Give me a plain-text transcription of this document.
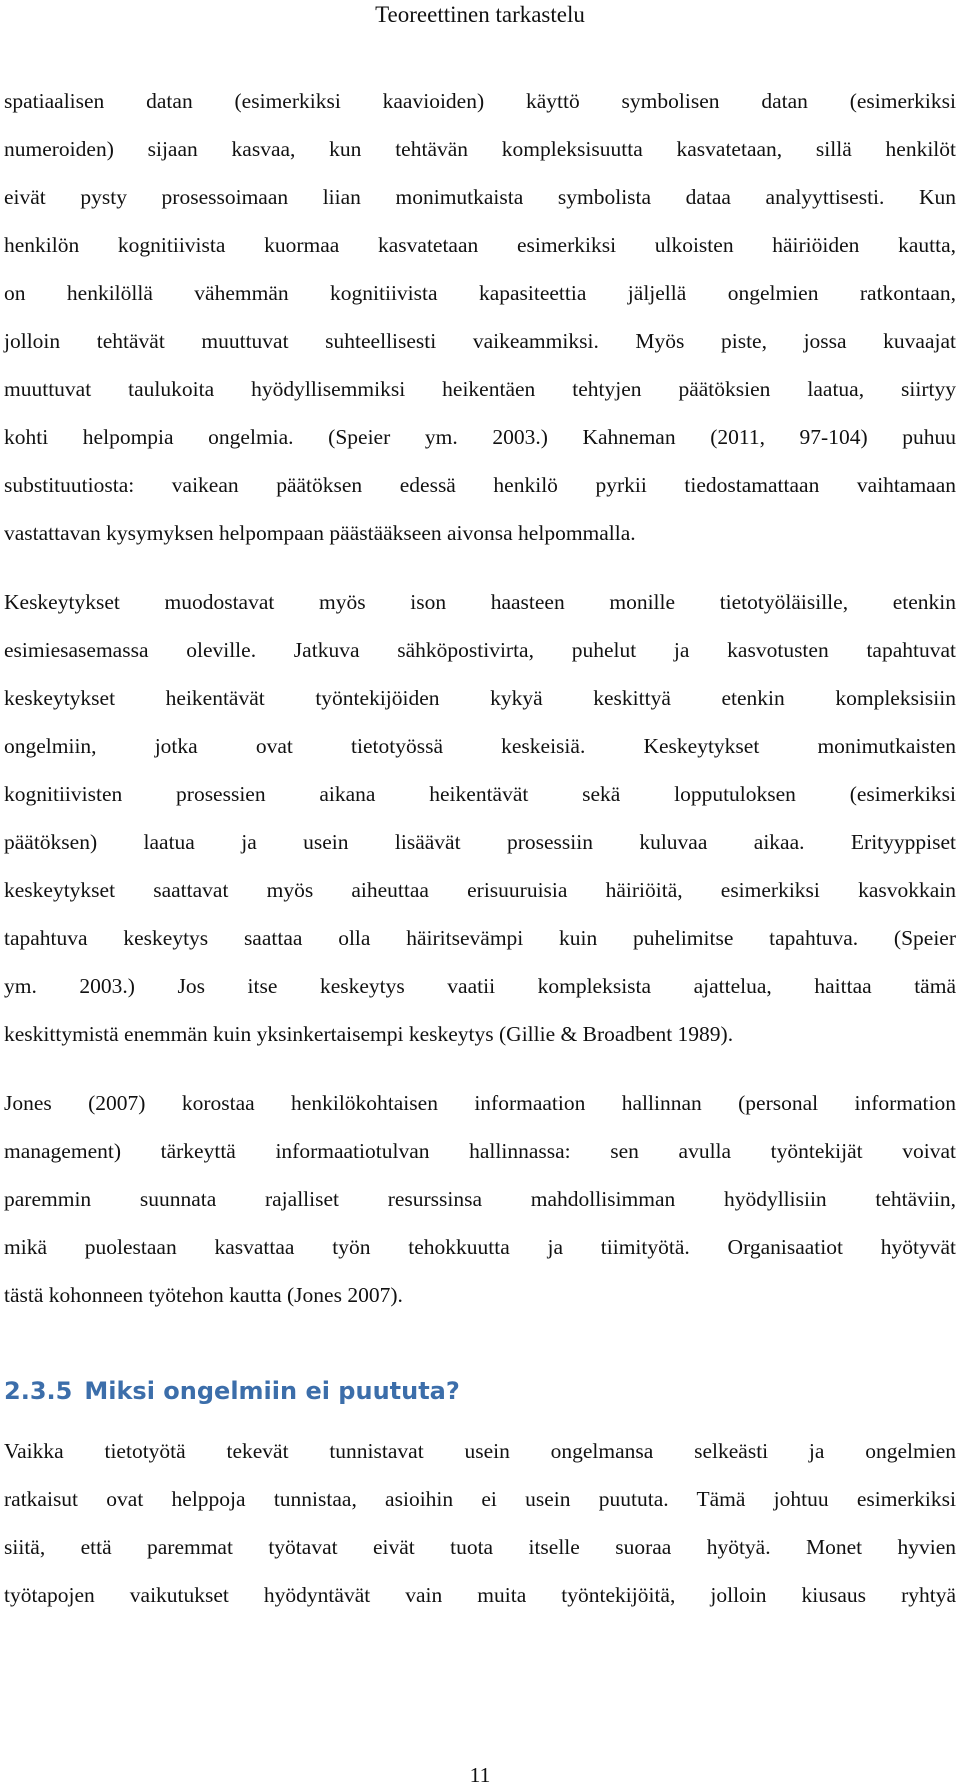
Teoreettinen tarkastelu

spatiaalisen datan (esimerkiksi kaavioiden) käyttö symbolisen datan (esimerkiksi
numeroiden) sijaan kasvaa, kun tehtävän kompleksisuutta kasvatetaan, sillä henkilöt
eivät pysty prosessoimaan liian monimutkaista symbolista dataa analyyttisesti. Kun
henkilön kognitiivista kuormaa kasvatetaan esimerkiksi ulkoisten häiriöiden kautta,
on henkilöllä vähemmän kognitiivista kapasiteettia jäljellä ongelmien ratkontaan,
jolloin tehtävät muuttuvat suhteellisesti vaikeammiksi. Myös piste, jossa kuvaajat
muuttuvat taulukoita hyödyllisemmiksi heikentäen tehtyjen päätöksien laatua, siirtyy
kohti helpompia ongelmia. (Speier ym. 2003.) Kahneman (2011, 97-104) puhuu
substituutiosta: vaikean päätöksen edessä henkilö pyrkii tiedostamattaan vaihtamaan
vastattavan kysymyksen helpompaan päästääkseen aivonsa helpommalla.

Keskeytykset muodostavat myös ison haasteen monille tietotyöläisille, etenkin
esimiesasemassa oleville. Jatkuva sähköpostivirta, puhelut ja kasvotusten tapahtuvat
keskeytykset heikentävät työntekijöiden kykyä keskittyä etenkin kompleksisiin
ongelmiin, jotka ovat tietotyössä keskeisiä. Keskeytykset monimutkaisten
kognitiivisten prosessien aikana heikentävät sekä lopputuloksen (esimerkiksi
päätöksen) laatua ja usein lisäävät prosessiin kuluvaa aikaa. Erityyppiset
keskeytykset saattavat myös aiheuttaa erisuuruisia häiriöitä, esimerkiksi kasvokkain
tapahtuva keskeytys saattaa olla häiritsevämpi kuin puhelimitse tapahtuva. (Speier
ym. 2003.) Jos itse keskeytys vaatii kompleksista ajattelua, haittaa tämä
keskittymistä enemmän kuin yksinkertaisempi keskeytys (Gillie & Broadbent 1989).

Jones (2007) korostaa henkilökohtaisen informaation hallinnan (personal information
management) tärkeyttä informaatiotulvan hallinnassa: sen avulla työntekijät voivat
paremmin suunnata rajalliset resurssinsa mahdollisimman hyödyllisiin tehtäviin,
mikä puolestaan kasvattaa työn tehokkuutta ja tiimityötä. Organisaatiot hyötyvät
tästä kohonneen työtehon kautta (Jones 2007).

2.3.5 Miksi ongelmiin ei puututa?

Vaikka tietotyötä tekevät tunnistavat usein ongelmansa selkeästi ja ongelmien
ratkaisut ovat helppoja tunnistaa, asioihin ei usein puututa. Tämä johtuu esimerkiksi
siitä, että paremmat työtavat eivät tuota itselle suoraa hyötyä. Monet hyvien
työtapojen vaikutukset hyödyntävät vain muita työntekijöitä, jolloin kiusaus ryhtyä

11
